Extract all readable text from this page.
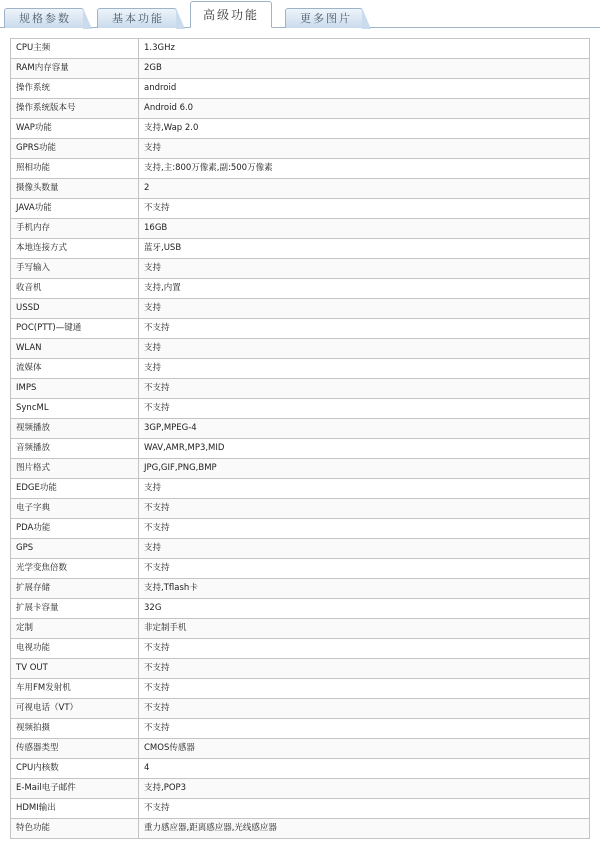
规格参数	基本功能	高级功能	更多图片
CPU主频	1.3GHz
RAM内存容量	2GB
操作系统	android
操作系统版本号	Android 6.0
WAP功能	支持,Wap 2.0
GPRS功能	支持
照相功能	支持,主:800万像素,副:500万像素
摄像头数量	2
JAVA功能	不支持
手机内存	16GB
本地连接方式	蓝牙,USB
手写输入	支持
收音机	支持,内置
USSD	支持
POC(PTT)—键通	不支持
WLAN	支持
流媒体	支持
IMPS	不支持
SyncML	不支持
视频播放	3GP,MPEG-4
音频播放	WAV,AMR,MP3,MID
图片格式	JPG,GIF,PNG,BMP
EDGE功能	支持
电子字典	不支持
PDA功能	不支持
GPS	支持
光学变焦倍数	不支持
扩展存储	支持,Tflash卡
扩展卡容量	32G
定制	非定制手机
电视功能	不支持
TV OUT	不支持
车用FM发射机	不支持
可视电话（VT）	不支持
视频拍摄	不支持
传感器类型	CMOS传感器
CPU内核数	4
E-Mail电子邮件	支持,POP3
HDMI输出	不支持
特色功能	重力感应器,距离感应器,光线感应器
